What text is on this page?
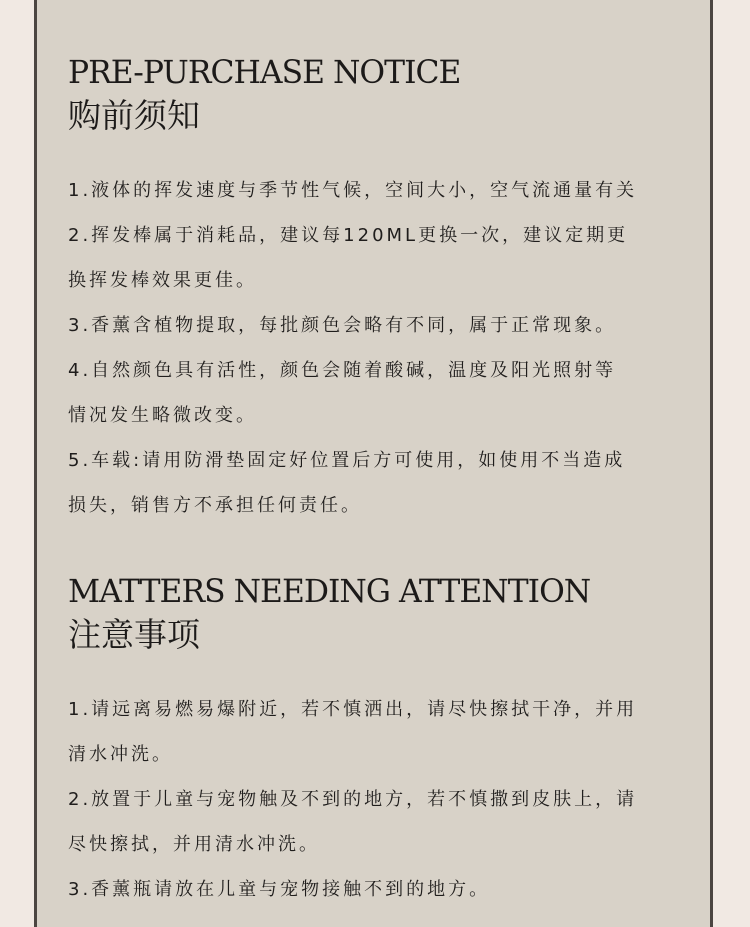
PRE-PURCHASE NOTICE
购前须知
1.液体的挥发速度与季节性气候，空间大小，空气流通量有关
2.挥发棒属于消耗品，建议每120ML更换一次，建议定期更
换挥发棒效果更佳。
3.香薰含植物提取，每批颜色会略有不同，属于正常现象。
4.自然颜色具有活性，颜色会随着酸碱，温度及阳光照射等
情况发生略微改变。
5.车载:请用防滑垫固定好位置后方可使用，如使用不当造成
损失，销售方不承担任何责任。
MATTERS NEEDING ATTENTION
注意事项
1.请远离易燃易爆附近，若不慎洒出，请尽快擦拭干净，并用
清水冲洗。
2.放置于儿童与宠物触及不到的地方，若不慎撒到皮肤上，请
尽快擦拭，并用清水冲洗。
3.香薰瓶请放在儿童与宠物接触不到的地方。
